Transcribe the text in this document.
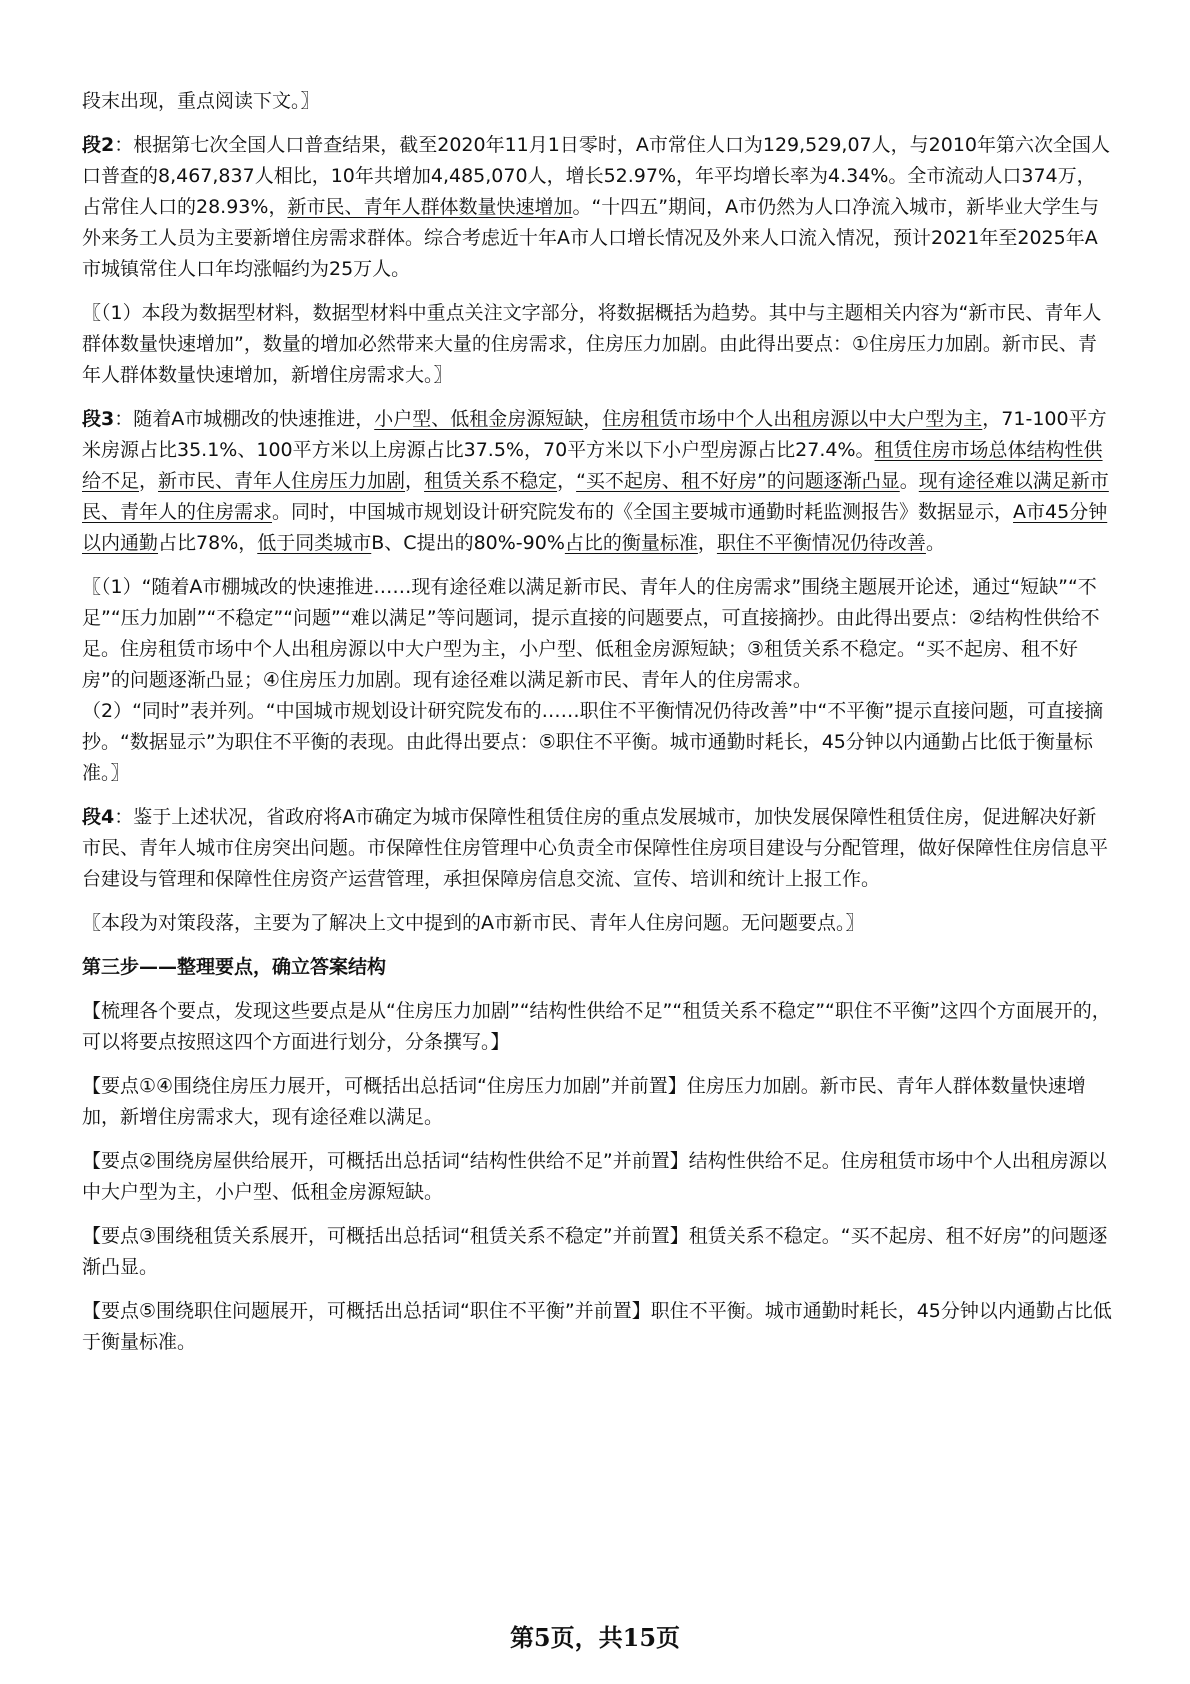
段末出现，重点阅读下文。〗

段2：根据第七次全国人口普查结果，截至2020年11月1日零时，A市常住人口为129,529,07人，与2010年第六次全国人口普查的8,467,837人相比，10年共增加4,485,070人，增长52.97%，年平均增长率为4.34%。全市流动人口374万，占常住人口的28.93%，新市民、青年人群体数量快速增加。“十四五”期间，A市仍然为人口净流入城市，新毕业大学生与外来务工人员为主要新增住房需求群体。综合考虑近十年A市人口增长情况及外来人口流入情况，预计2021年至2025年A市城镇常住人口年均涨幅约为25万人。

〖（1）本段为数据型材料，数据型材料中重点关注文字部分，将数据概括为趋势。其中与主题相关内容为“新市民、青年人群体数量快速增加”，数量的增加必然带来大量的住房需求，住房压力加剧。由此得出要点：①住房压力加剧。新市民、青年人群体数量快速增加，新增住房需求大。〗

段3：随着A市城棚改的快速推进，小户型、低租金房源短缺，住房租赁市场中个人出租房源以中大户型为主，71-100平方米房源占比35.1%、100平方米以上房源占比37.5%，70平方米以下小户型房源占比27.4%。租赁住房市场总体结构性供给不足，新市民、青年人住房压力加剧，租赁关系不稳定，“买不起房、租不好房”的问题逐渐凸显。现有途径难以满足新市民、青年人的住房需求。同时，中国城市规划设计研究院发布的《全国主要城市通勤时耗监测报告》数据显示，A市45分钟以内通勤占比78%，低于同类城市B、C提出的80%-90%占比的衡量标准，职住不平衡情况仍待改善。

〖（1）“随着A市棚城改的快速推进……现有途径难以满足新市民、青年人的住房需求”围绕主题展开论述，通过“短缺”“不足”“压力加剧”“不稳定”“问题”“难以满足”等问题词，提示直接的问题要点，可直接摘抄。由此得出要点：②结构性供给不足。住房租赁市场中个人出租房源以中大户型为主，小户型、低租金房源短缺；③租赁关系不稳定。“买不起房、租不好房”的问题逐渐凸显；④住房压力加剧。现有途径难以满足新市民、青年人的住房需求。
（2）“同时”表并列。“中国城市规划设计研究院发布的……职住不平衡情况仍待改善”中“不平衡”提示直接问题，可直接摘抄。“数据显示”为职住不平衡的表现。由此得出要点：⑤职住不平衡。城市通勤时耗长，45分钟以内通勤占比低于衡量标准。〗

段4：鉴于上述状况，省政府将A市确定为城市保障性租赁住房的重点发展城市，加快发展保障性租赁住房，促进解决好新市民、青年人城市住房突出问题。市保障性住房管理中心负责全市保障性住房项目建设与分配管理，做好保障性住房信息平台建设与管理和保障性住房资产运营管理，承担保障房信息交流、宣传、培训和统计上报工作。

〖本段为对策段落，主要为了解决上文中提到的A市新市民、青年人住房问题。无问题要点。〗

第三步——整理要点，确立答案结构

【梳理各个要点，发现这些要点是从“住房压力加剧”“结构性供给不足”“租赁关系不稳定”“职住不平衡”这四个方面展开的，可以将要点按照这四个方面进行划分，分条撰写。】

【要点①④围绕住房压力展开，可概括出总括词“住房压力加剧”并前置】住房压力加剧。新市民、青年人群体数量快速增加，新增住房需求大，现有途径难以满足。

【要点②围绕房屋供给展开，可概括出总括词“结构性供给不足”并前置】结构性供给不足。住房租赁市场中个人出租房源以中大户型为主，小户型、低租金房源短缺。

【要点③围绕租赁关系展开，可概括出总括词“租赁关系不稳定”并前置】租赁关系不稳定。“买不起房、租不好房”的问题逐渐凸显。

【要点⑤围绕职住问题展开，可概括出总括词“职住不平衡”并前置】职住不平衡。城市通勤时耗长，45分钟以内通勤占比低于衡量标准。

第5页，共15页
